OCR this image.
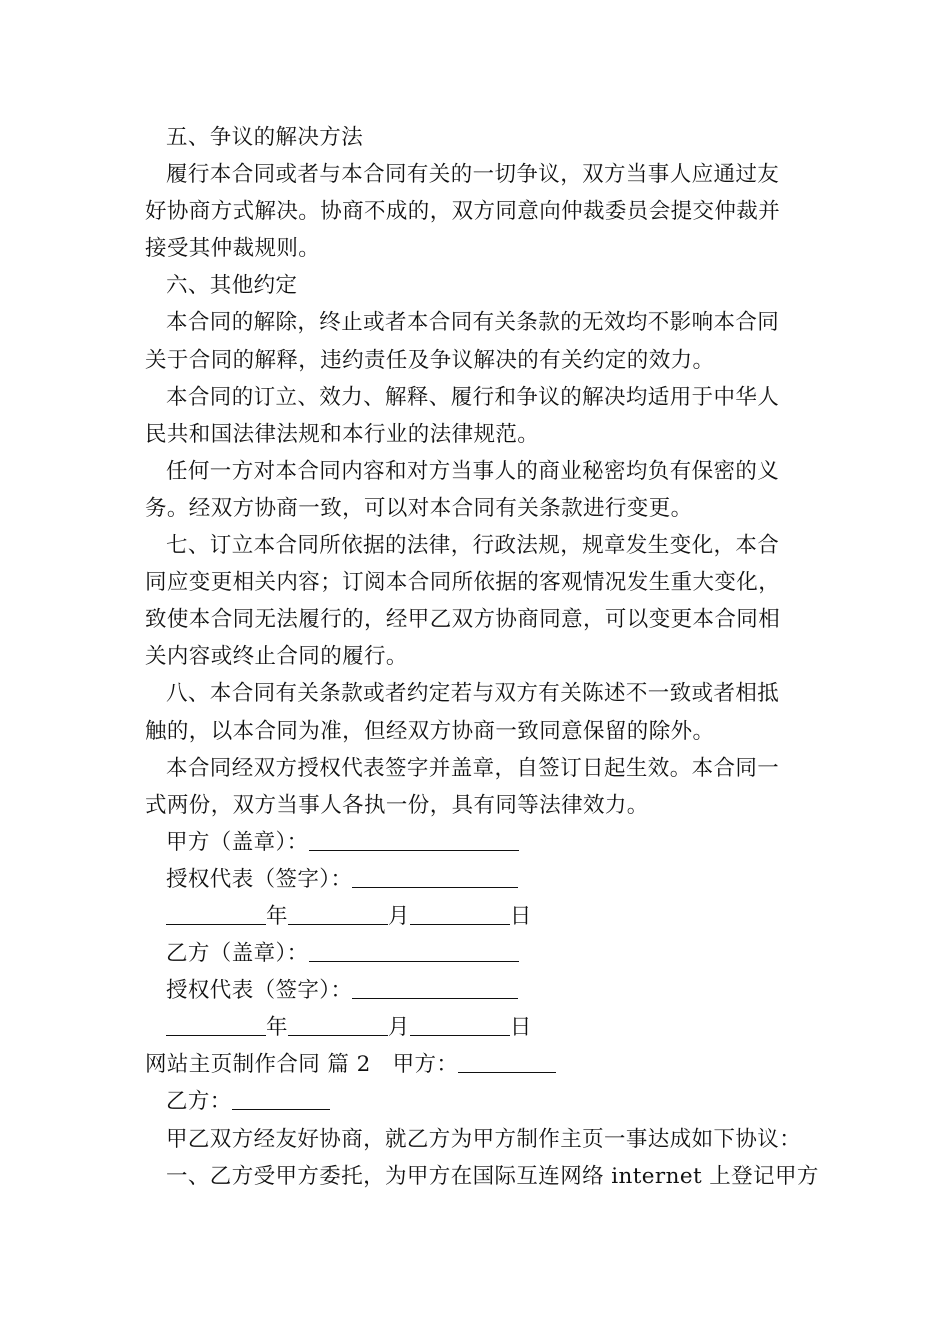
五、争议的解决方法
履行本合同或者与本合同有关的一切争议，双方当事人应通过友
好协商方式解决。协商不成的，双方同意向仲裁委员会提交仲裁并
接受其仲裁规则。
六、其他约定
本合同的解除，终止或者本合同有关条款的无效均不影响本合同
关于合同的解释，违约责任及争议解决的有关约定的效力。
本合同的订立、效力、解释、履行和争议的解决均适用于中华人
民共和国法律法规和本行业的法律规范。
任何一方对本合同内容和对方当事人的商业秘密均负有保密的义
务。经双方协商一致，可以对本合同有关条款进行变更。
七、订立本合同所依据的法律，行政法规，规章发生变化，本合
同应变更相关内容；订阅本合同所依据的客观情况发生重大变化，
致使本合同无法履行的，经甲乙双方协商同意，可以变更本合同相
关内容或终止合同的履行。
八、本合同有关条款或者约定若与双方有关陈述不一致或者相抵
触的，以本合同为准，但经双方协商一致同意保留的除外。
本合同经双方授权代表签字并盖章，自签订日起生效。本合同一
式两份，双方当事人各执一份，具有同等法律效力。
甲方（盖章）：
授权代表（签字）：
年	月	日
乙方（盖章）：
授权代表（签字）：
年	月	日
网站主页制作合同 篇 2　 甲方：
乙方：
甲乙双方经友好协商，就乙方为甲方制作主页一事达成如下协议：
一、乙方受甲方委托，为甲方在国际互连网络 internet 上登记甲方
